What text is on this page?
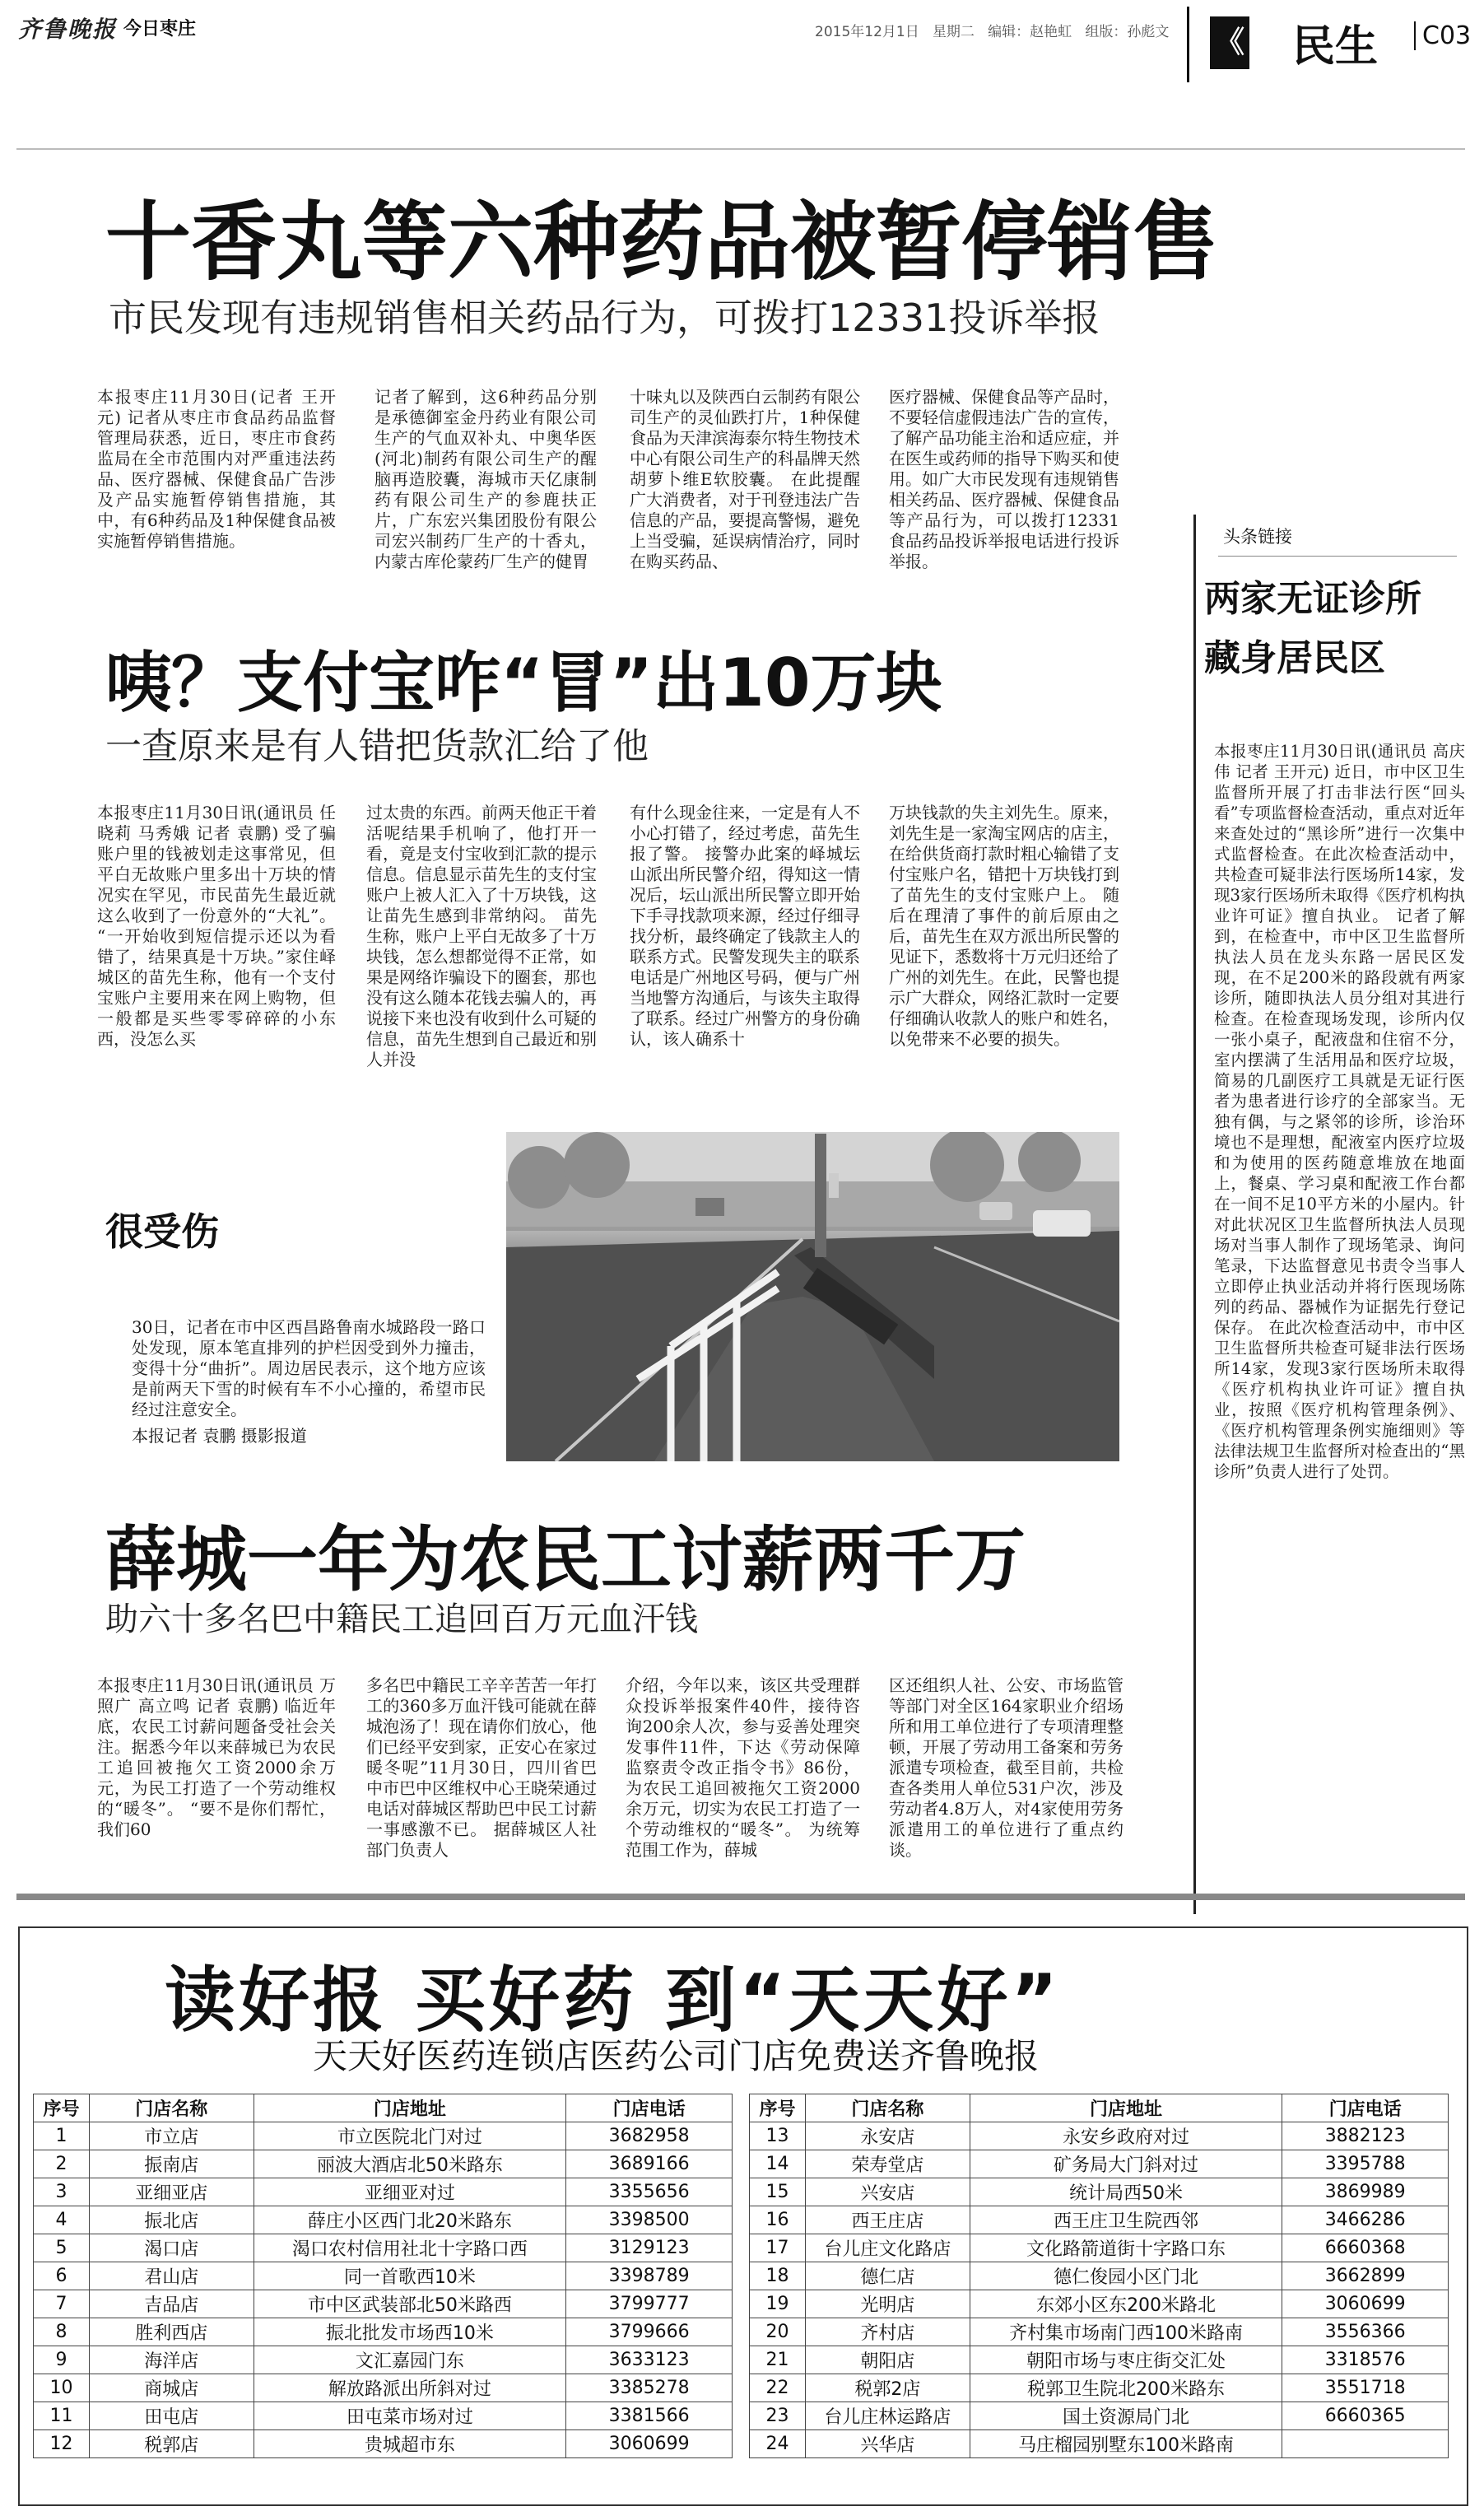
齐鲁晚报 今日枣庄	2015年12月1日 星期二 编辑：赵艳虹 组版：孙彪文 《 民生	C03
十香丸等六种药品被暂停销售
市民发现有违规销售相关药品行为，可拨打12331投诉举报
本报枣庄11月30日(记者 王开元) 记者从枣庄市食品药品监督管理局获悉，近日，枣庄市食药监局在全市范围内对严重违法药品、医疗器械、保健食品广告涉及产品实施暂停销售措施，其中，有6种药品及1种保健食品被实施暂停销售措施。
记者了解到，这6种药品分别是承德御室金丹药业有限公司生产的气血双补丸、中奥华医(河北)制药有限公司生产的醒脑再造胶囊，海城市天亿康制药有限公司生产的参鹿扶正片，广东宏兴集团股份有限公司宏兴制药厂生产的十香丸，内蒙古库伦蒙药厂生产的健胃
十味丸以及陕西白云制药有限公司生产的灵仙跌打片，1种保健食品为天津滨海泰尔特生物技术中心有限公司生产的科晶牌天然胡萝卜维E软胶囊。 在此提醒广大消费者，对于刊登违法广告信息的产品，要提高警惕，避免上当受骗，延误病情治疗，同时在购买药品、
医疗器械、保健食品等产品时，不要轻信虚假违法广告的宣传，了解产品功能主治和适应症，并在医生或药师的指导下购买和使用。如广大市民发现有违规销售相关药品、医疗器械、保健食品等产品行为，可以拨打12331食品药品投诉举报电话进行投诉举报。
头条链接
两家无证诊所
藏身居民区
本报枣庄11月30日讯(通讯员 高庆伟 记者 王开元) 近日，市中区卫生监督所开展了打击非法行医“回头看”专项监督检查活动，重点对近年来查处过的“黑诊所”进行一次集中式监督检查。在此次检查活动中，共检查可疑非法行医场所14家，发现3家行医场所未取得《医疗机构执业许可证》擅自执业。 记者了解到，在检查中，市中区卫生监督所执法人员在龙头东路一居民区发现，在不足200米的路段就有两家诊所，随即执法人员分组对其进行检查。在检查现场发现，诊所内仅一张小桌子，配液盘和住宿不分，室内摆满了生活用品和医疗垃圾，简易的几副医疗工具就是无证行医者为患者进行诊疗的全部家当。无独有偶，与之紧邻的诊所，诊治环境也不是理想，配液室内医疗垃圾和为使用的医药随意堆放在地面上，餐桌、学习桌和配液工作台都在一间不足10平方米的小屋内。针对此状况区卫生监督所执法人员现场对当事人制作了现场笔录、询问笔录，下达监督意见书责令当事人立即停止执业活动并将行医现场陈列的药品、器械作为证据先行登记保存。 在此次检查活动中，市中区卫生监督所共检查可疑非法行医场所14家，发现3家行医场所未取得《医疗机构执业许可证》擅自执业，按照《医疗机构管理条例》、《医疗机构管理条例实施细则》等法律法规卫生监督所对检查出的“黑诊所”负责人进行了处罚。
咦？支付宝咋“冒”出10万块
一查原来是有人错把货款汇给了他
本报枣庄11月30日讯(通讯员 任晓莉 马秀娥 记者 袁鹏) 受了骗账户里的钱被划走这事常见，但平白无故账户里多出十万块的情况实在罕见，市民苗先生最近就这么收到了一份意外的“大礼”。 “一开始收到短信提示还以为看错了，结果真是十万块。”家住峄城区的苗先生称，他有一个支付宝账户主要用来在网上购物，但一般都是买些零零碎碎的小东西，没怎么买
过太贵的东西。前两天他正干着活呢结果手机响了，他打开一看，竟是支付宝收到汇款的提示信息。信息显示苗先生的支付宝账户上被人汇入了十万块钱，这让苗先生感到非常纳闷。 苗先生称，账户上平白无故多了十万块钱，怎么想都觉得不正常，如果是网络诈骗设下的圈套，那也没有这么随本花钱去骗人的，再说接下来也没有收到什么可疑的信息，苗先生想到自己最近和别人并没
有什么现金往来，一定是有人不小心打错了，经过考虑，苗先生报了警。 接警办此案的峄城坛山派出所民警介绍，得知这一情况后，坛山派出所民警立即开始下手寻找款项来源，经过仔细寻找分析，最终确定了钱款主人的联系方式。民警发现失主的联系电话是广州地区号码，便与广州当地警方沟通后，与该失主取得了联系。经过广州警方的身份确认，该人确系十
万块钱款的失主刘先生。原来，刘先生是一家淘宝网店的店主，在给供货商打款时粗心输错了支付宝账户名，错把十万块钱打到了苗先生的支付宝账户上。 随后在理清了事件的前后原由之后，苗先生在双方派出所民警的见证下，悉数将十万元归还给了广州的刘先生。在此，民警也提示广大群众，网络汇款时一定要仔细确认收款人的账户和姓名，以免带来不必要的损失。
很受伤
30日，记者在市中区西昌路鲁南水城路段一路口处发现，原本笔直排列的护栏因受到外力撞击，变得十分“曲折”。周边居民表示，这个地方应该是前两天下雪的时候有车不小心撞的，希望市民经过注意安全。
本报记者 袁鹏 摄影报道
薛城一年为农民工讨薪两千万
助六十多名巴中籍民工追回百万元血汗钱
本报枣庄11月30日讯(通讯员 万照广 高立鸣 记者 袁鹏) 临近年底，农民工讨薪问题备受社会关注。据悉今年以来薛城已为农民工追回被拖欠工资2000余万元，为民工打造了一个劳动维权的“暖冬”。 “要不是你们帮忙，我们60
多名巴中籍民工辛辛苦苦一年打工的360多万血汗钱可能就在薛城泡汤了！现在请你们放心，他们已经平安到家，正安心在家过暖冬呢”11月30日，四川省巴中市巴中区维权中心王晓荣通过电话对薛城区帮助巴中民工讨薪一事感激不已。 据薛城区人社部门负责人
介绍，今年以来，该区共受理群众投诉举报案件40件，接待咨询200余人次，参与妥善处理突发事件11件，下达《劳动保障监察责令改正指令书》86份，为农民工追回被拖欠工资2000余万元，切实为农民工打造了一个劳动维权的“暖冬”。 为统筹范围工作为，薛城
区还组织人社、公安、市场监管等部门对全区164家职业介绍场所和用工单位进行了专项清理整顿，开展了劳动用工备案和劳务派遣专项检查，截至目前，共检查各类用人单位531户次，涉及劳动者4.8万人，对4家使用劳务派遣用工的单位进行了重点约谈。
读好报 买好药 到“天天好”
天天好医药连锁店医药公司门店免费送齐鲁晚报
序号	门店名称	门店地址	门店电话
1	市立店	市立医院北门对过	3682958
2	振南店	丽波大酒店北50米路东	3689166
3	亚细亚店	亚细亚对过	3355656
4	振北店	薛庄小区西门北20米路东	3398500
5	渴口店	渴口农村信用社北十字路口西	3129123
6	君山店	同一首歌西10米	3398789
7	吉品店	市中区武装部北50米路西	3799777
8	胜利西店	振北批发市场西10米	3799666
9	海洋店	文汇嘉园门东	3633123
10	商城店	解放路派出所斜对过	3385278
11	田屯店	田屯菜市场对过	3381566
12	税郭店	贵城超市东	3060699
序号	门店名称	门店地址	门店电话
13	永安店	永安乡政府对过	3882123
14	荣寿堂店	矿务局大门斜对过	3395788
15	兴安店	统计局西50米	3869989
16	西王庄店	西王庄卫生院西邻	3466286
17	台儿庄文化路店	文化路箭道街十字路口东	6660368
18	德仁店	德仁俊园小区门北	3662899
19	光明店	东郊小区东200米路北	3060699
20	齐村店	齐村集市场南门西100米路南	3556366
21	朝阳店	朝阳市场与枣庄街交汇处	3318576
22	税郭2店	税郭卫生院北200米路东	3551718
23	台儿庄林运路店	国土资源局门北	6660365
24	兴华店	马庄榴园别墅东100米路南	
